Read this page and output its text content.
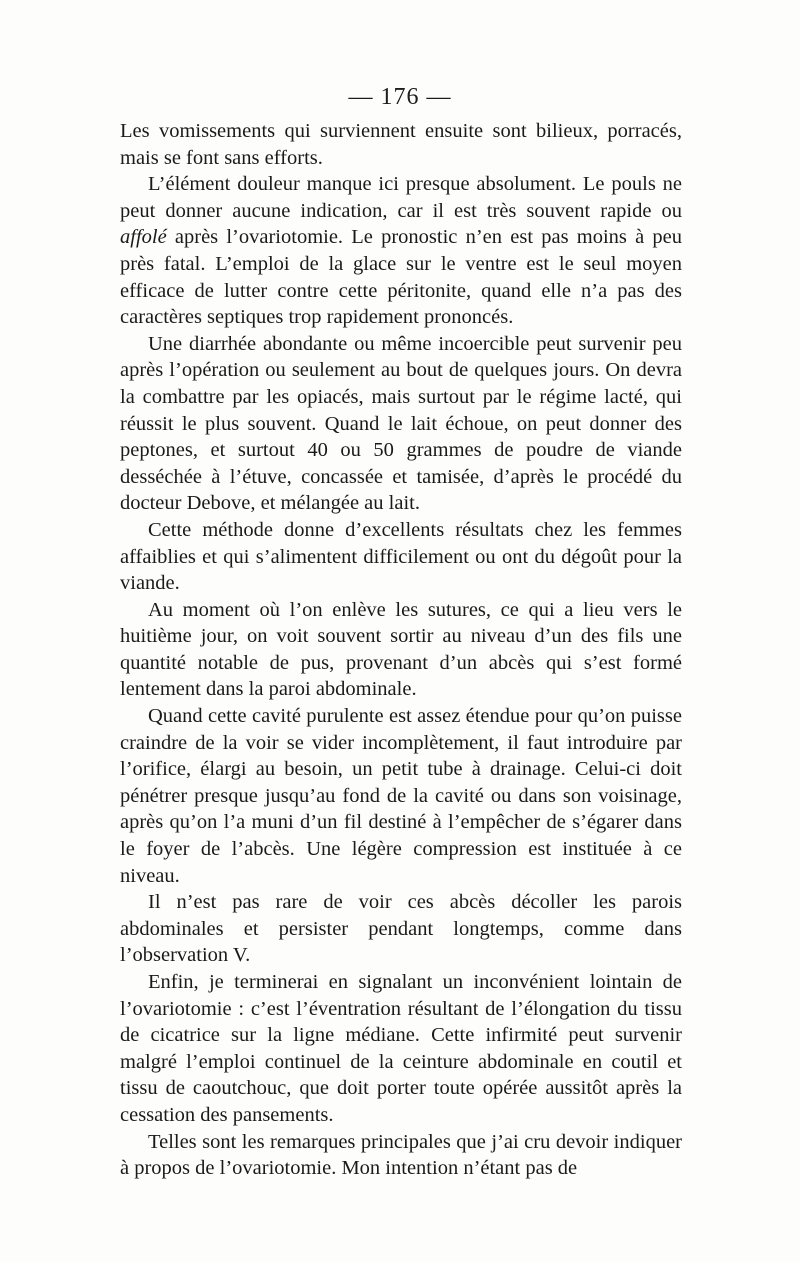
— 176 —

Les vomissements qui surviennent ensuite sont bilieux, porracés, mais se font sans efforts.

L’élément douleur manque ici presque absolument. Le pouls ne peut donner aucune indication, car il est très souvent rapide ou affolé après l’ovariotomie. Le pronostic n’en est pas moins à peu près fatal. L’emploi de la glace sur le ventre est le seul moyen efficace de lutter contre cette péritonite, quand elle n’a pas des caractères septiques trop rapidement prononcés.

Une diarrhée abondante ou même incoercible peut survenir peu après l’opération ou seulement au bout de quelques jours. On devra la combattre par les opiacés, mais surtout par le régime lacté, qui réussit le plus souvent. Quand le lait échoue, on peut donner des peptones, et surtout 40 ou 50 grammes de poudre de viande desséchée à l’étuve, concassée et tamisée, d’après le procédé du docteur Debove, et mélangée au lait.

Cette méthode donne d’excellents résultats chez les femmes affaiblies et qui s’alimentent difficilement ou ont du dégoût pour la viande.

Au moment où l’on enlève les sutures, ce qui a lieu vers le huitième jour, on voit souvent sortir au niveau d’un des fils une quantité notable de pus, provenant d’un abcès qui s’est formé lentement dans la paroi abdominale.

Quand cette cavité purulente est assez étendue pour qu’on puisse craindre de la voir se vider incomplètement, il faut introduire par l’orifice, élargi au besoin, un petit tube à drainage. Celui-ci doit pénétrer presque jusqu’au fond de la cavité ou dans son voisinage, après qu’on l’a muni d’un fil destiné à l’empêcher de s’égarer dans le foyer de l’abcès. Une légère compression est instituée à ce niveau.

Il n’est pas rare de voir ces abcès décoller les parois abdominales et persister pendant longtemps, comme dans l’observation V.

Enfin, je terminerai en signalant un inconvénient lointain de l’ovariotomie : c’est l’éventration résultant de l’élongation du tissu de cicatrice sur la ligne médiane. Cette infirmité peut survenir malgré l’emploi continuel de la ceinture abdominale en coutil et tissu de caoutchouc, que doit porter toute opérée aussitôt après la cessation des pansements.

Telles sont les remarques principales que j’ai cru devoir indiquer à propos de l’ovariotomie. Mon intention n’étant pas de
